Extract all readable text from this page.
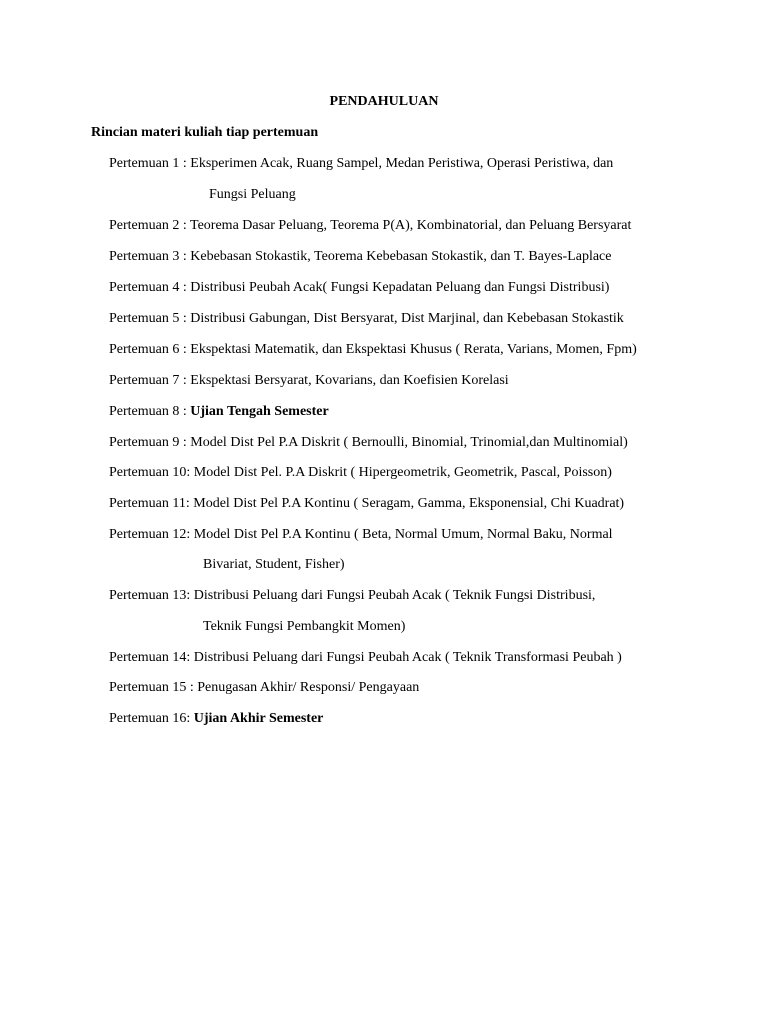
PENDAHULUAN
Rincian materi kuliah tiap pertemuan
Pertemuan 1 : Eksperimen Acak, Ruang Sampel, Medan Peristiwa, Operasi Peristiwa, dan
Fungsi Peluang
Pertemuan 2 : Teorema Dasar Peluang, Teorema P(A), Kombinatorial, dan Peluang Bersyarat
Pertemuan 3 : Kebebasan Stokastik, Teorema Kebebasan Stokastik, dan T. Bayes-Laplace
Pertemuan 4 : Distribusi Peubah Acak( Fungsi Kepadatan Peluang dan Fungsi Distribusi)
Pertemuan 5 : Distribusi Gabungan, Dist Bersyarat, Dist Marjinal, dan Kebebasan Stokastik
Pertemuan 6 : Ekspektasi Matematik, dan Ekspektasi Khusus ( Rerata, Varians, Momen, Fpm)
Pertemuan 7 : Ekspektasi Bersyarat, Kovarians, dan Koefisien Korelasi
Pertemuan 8 : Ujian Tengah Semester
Pertemuan 9 : Model Dist Pel P.A Diskrit ( Bernoulli, Binomial, Trinomial,dan Multinomial)
Pertemuan 10: Model Dist Pel. P.A Diskrit ( Hipergeometrik, Geometrik, Pascal, Poisson)
Pertemuan 11: Model Dist Pel P.A Kontinu ( Seragam, Gamma, Eksponensial, Chi Kuadrat)
Pertemuan 12: Model Dist Pel P.A Kontinu ( Beta, Normal Umum, Normal Baku, Normal
Bivariat, Student, Fisher)
Pertemuan 13: Distribusi Peluang dari Fungsi Peubah Acak ( Teknik Fungsi Distribusi,
Teknik Fungsi Pembangkit Momen)
Pertemuan 14: Distribusi Peluang dari Fungsi Peubah Acak ( Teknik Transformasi Peubah )
Pertemuan 15 : Penugasan Akhir/ Responsi/ Pengayaan
Pertemuan 16: Ujian Akhir Semester
